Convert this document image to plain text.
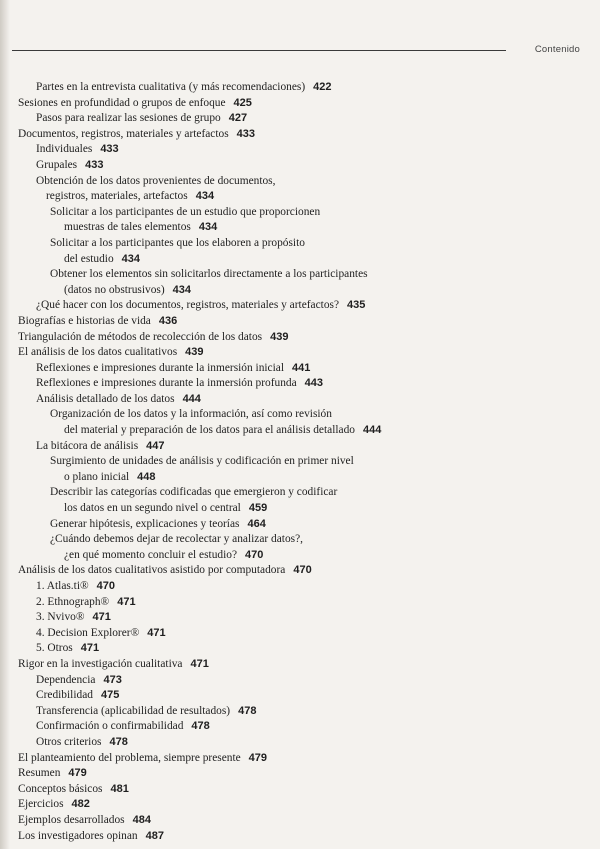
Contenido
Partes en la entrevista cualitativa (y más recomendaciones) 422
Sesiones en profundidad o grupos de enfoque 425
Pasos para realizar las sesiones de grupo 427
Documentos, registros, materiales y artefactos 433
Individuales 433
Grupales 433
Obtención de los datos provenientes de documentos,
registros, materiales, artefactos 434
Solicitar a los participantes de un estudio que proporcionen
muestras de tales elementos 434
Solicitar a los participantes que los elaboren a propósito
del estudio 434
Obtener los elementos sin solicitarlos directamente a los participantes
(datos no obstrusivos) 434
¿Qué hacer con los documentos, registros, materiales y artefactos? 435
Biografías e historias de vida 436
Triangulación de métodos de recolección de los datos 439
El análisis de los datos cualitativos 439
Reflexiones e impresiones durante la inmersión inicial 441
Reflexiones e impresiones durante la inmersión profunda 443
Análisis detallado de los datos 444
Organización de los datos y la información, así como revisión
del material y preparación de los datos para el análisis detallado 444
La bitácora de análisis 447
Surgimiento de unidades de análisis y codificación en primer nivel
o plano inicial 448
Describir las categorías codificadas que emergieron y codificar
los datos en un segundo nivel o central 459
Generar hipótesis, explicaciones y teorías 464
¿Cuándo debemos dejar de recolectar y analizar datos?,
¿en qué momento concluir el estudio? 470
Análisis de los datos cualitativos asistido por computadora 470
1. Atlas.ti® 470
2. Ethnograph® 471
3. Nvivo® 471
4. Decision Explorer® 471
5. Otros 471
Rigor en la investigación cualitativa 471
Dependencia 473
Credibilidad 475
Transferencia (aplicabilidad de resultados) 478
Confirmación o confirmabilidad 478
Otros criterios 478
El planteamiento del problema, siempre presente 479
Resumen 479
Conceptos básicos 481
Ejercicios 482
Ejemplos desarrollados 484
Los investigadores opinan 487
